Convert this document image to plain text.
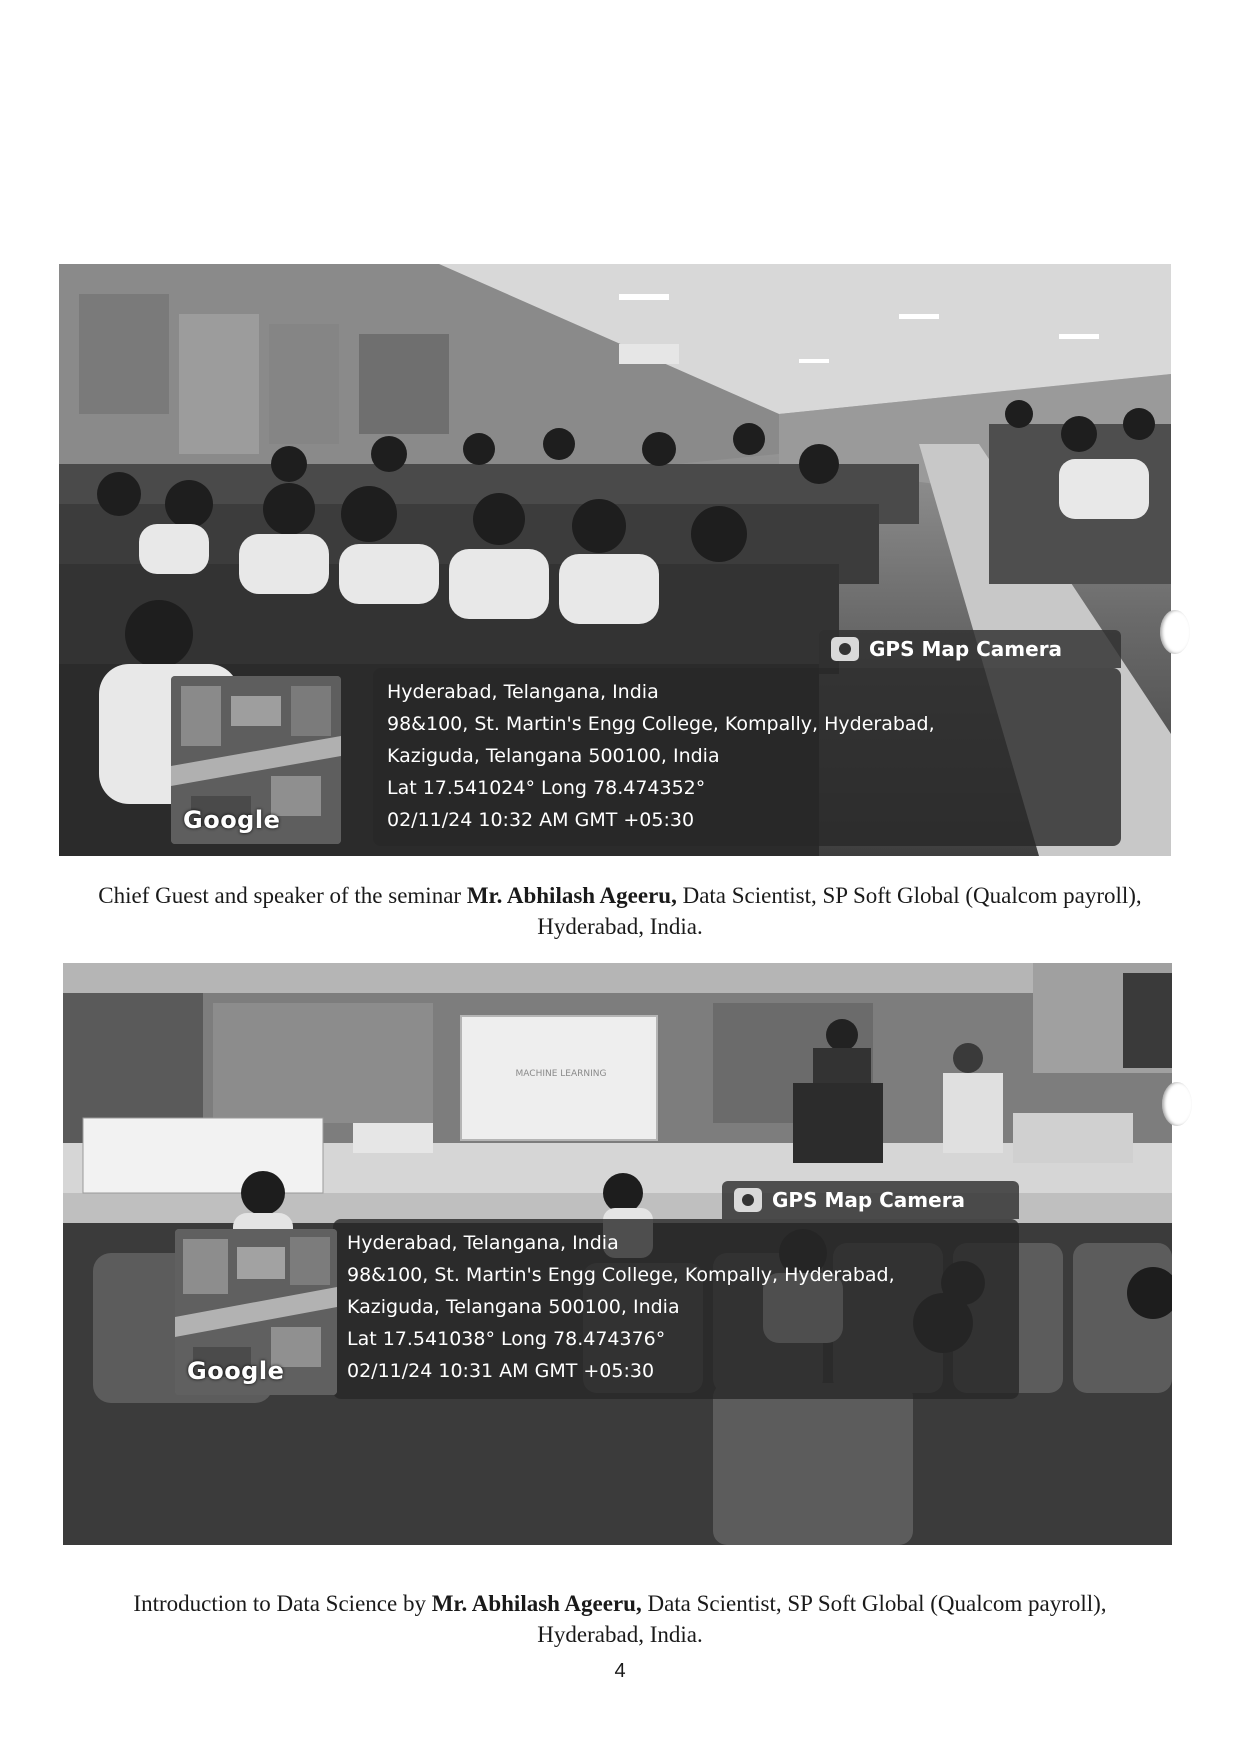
GPS Map Camera
Hyderabad, Telangana, India
98&100, St. Martin's Engg College, Kompally, Hyderabad,
Kaziguda, Telangana 500100, India
Lat 17.541024° Long 78.474352°
02/11/24 10:32 AM GMT +05:30
Google
Chief Guest and speaker of the seminar Mr. Abhilash Ageeru, Data Scientist, SP Soft Global (Qualcom payroll),
Hyderabad, India.
MACHINE LEARNING
GPS Map Camera
Hyderabad, Telangana, India
98&100, St. Martin's Engg College, Kompally, Hyderabad,
Kaziguda, Telangana 500100, India
Lat 17.541038° Long 78.474376°
02/11/24 10:31 AM GMT +05:30
Google
Introduction to Data Science by Mr. Abhilash Ageeru, Data Scientist, SP Soft Global (Qualcom payroll),
Hyderabad, India.
4
